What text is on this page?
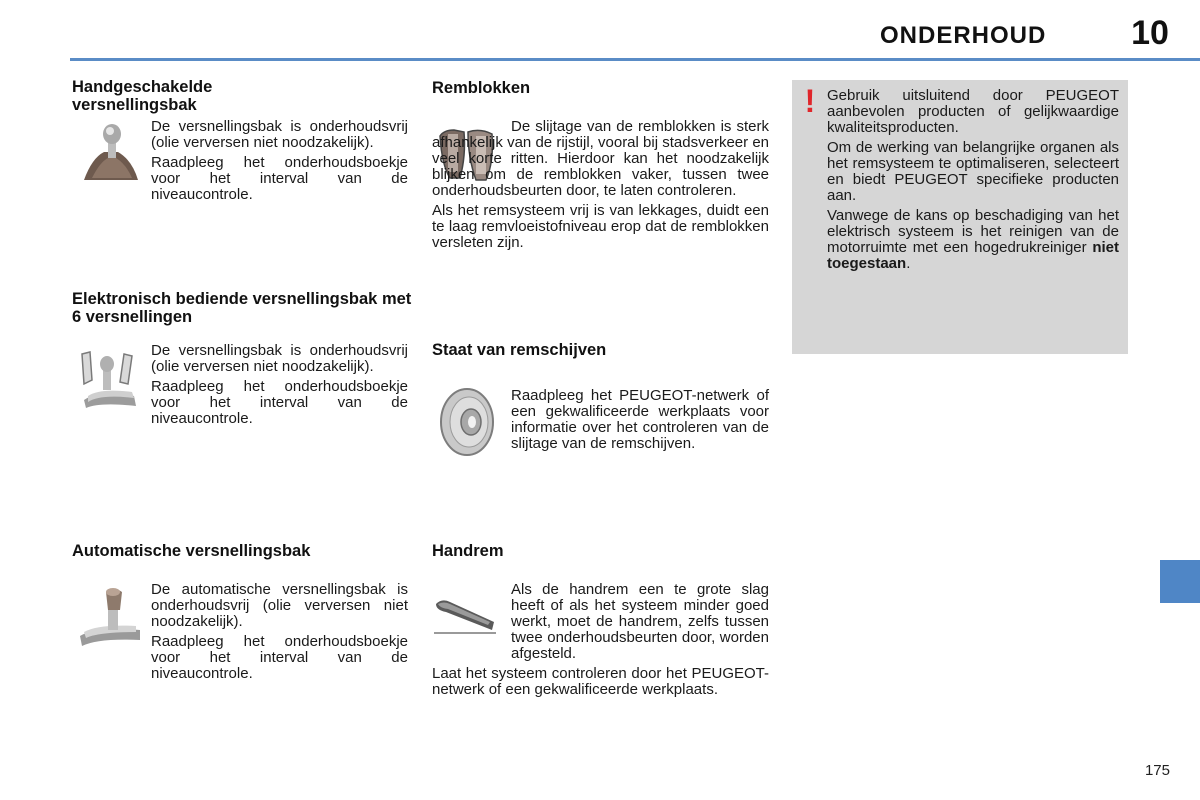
ONDERHOUD	10
Handgeschakelde versnellingsbak

De versnellingsbak is onderhoudsvrij (olie verversen niet noodzakelijk).

Raadpleeg het onderhoudsboekje voor het interval van de niveaucontrole.

Elektronisch bediende versnellingsbak met 6 versnellingen

De versnellingsbak is onderhoudsvrij (olie verversen niet noodzakelijk).

Raadpleeg het onderhoudsboekje voor het interval van de niveaucontrole.

Automatische versnellingsbak

De automatische versnellingsbak is onderhoudsvrij (olie verversen niet noodzakelijk).

Raadpleeg het onderhoudsboekje voor het interval van de niveaucontrole.

Remblokken

De slijtage van de remblokken is sterk afhankelijk van de rijstijl, vooral bij stadsverkeer en veel korte ritten. Hierdoor kan het noodzakelijk blijken om de remblokken vaker, tussen twee onderhoudsbeurten door, te laten controleren.

Als het remsysteem vrij is van lekkages, duidt een te laag remvloeistofniveau erop dat de remblokken versleten zijn.

Staat van remschijven

Raadpleeg het PEUGEOT-netwerk of een gekwalificeerde werkplaats voor informatie over het controleren van de slijtage van de remschijven.

Handrem

Als de handrem een te grote slag heeft of als het systeem minder goed werkt, moet de handrem, zelfs tussen twee onderhoudsbeurten door, worden afgesteld.

Laat het systeem controleren door het PEUGEOT-netwerk of een gekwalificeerde werkplaats.

! Gebruik uitsluitend door PEUGEOT aanbevolen producten of gelijkwaardige kwaliteitsproducten.

Om de werking van belangrijke organen als het remsysteem te optimaliseren, selecteert en biedt PEUGEOT specifieke producten aan.

Vanwege de kans op beschadiging van het elektrisch systeem is het reinigen van de motorruimte met een hogedrukreiniger niet toegestaan.

175
